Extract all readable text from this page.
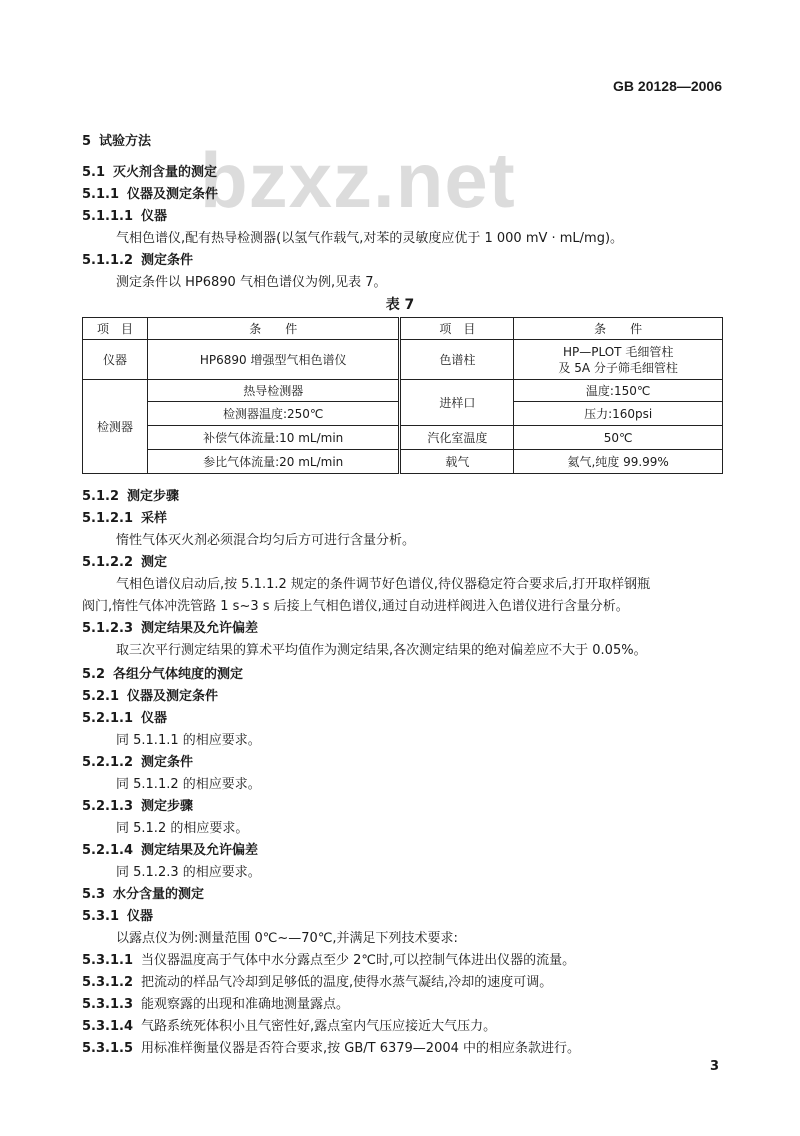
GB 20128—2006
bzxz.net
5 试验方法
5.1 灭火剂含量的测定
5.1.1 仪器及测定条件
5.1.1.1 仪器
气相色谱仪,配有热导检测器(以氢气作载气,对苯的灵敏度应优于 1 000 mV · mL/mg)。
5.1.1.2 测定条件
测定条件以 HP6890 气相色谱仪为例,见表 7。
表 7
项　目	条　　件	项　目	条　　件
仪器	HP6890 增强型气相色谱仪	色谱柱	HP—PLOT 毛细管柱
及 5A 分子筛毛细管柱

检测器	热导检测器	进样口	温度:150℃
	检测器温度:250℃		压力:160psi
	补偿气体流量:10 mL/min	汽化室温度	50℃
	参比气体流量:20 mL/min	载气	氦气,纯度 99.99%
5.1.2 测定步骤
5.1.2.1 采样
惰性气体灭火剂必须混合均匀后方可进行含量分析。
5.1.2.2 测定
气相色谱仪启动后,按 5.1.1.2 规定的条件调节好色谱仪,待仪器稳定符合要求后,打开取样钢瓶
阀门,惰性气体冲洗管路 1 s~3 s 后接上气相色谱仪,通过自动进样阀进入色谱仪进行含量分析。
5.1.2.3 测定结果及允许偏差
取三次平行测定结果的算术平均值作为测定结果,各次测定结果的绝对偏差应不大于 0.05%。
5.2 各组分气体纯度的测定
5.2.1 仪器及测定条件
5.2.1.1 仪器
同 5.1.1.1 的相应要求。
5.2.1.2 测定条件
同 5.1.1.2 的相应要求。
5.2.1.3 测定步骤
同 5.1.2 的相应要求。
5.2.1.4 测定结果及允许偏差
同 5.1.2.3 的相应要求。
5.3 水分含量的测定
5.3.1 仪器
以露点仪为例:测量范围 0℃~—70℃,并满足下列技术要求:
5.3.1.1 当仪器温度高于气体中水分露点至少 2℃时,可以控制气体进出仪器的流量。
5.3.1.2 把流动的样品气冷却到足够低的温度,使得水蒸气凝结,冷却的速度可调。
5.3.1.3 能观察露的出现和准确地测量露点。
5.3.1.4 气路系统死体积小且气密性好,露点室内气压应接近大气压力。
5.3.1.5 用标准样衡量仪器是否符合要求,按 GB/T 6379—2004 中的相应条款进行。
3
